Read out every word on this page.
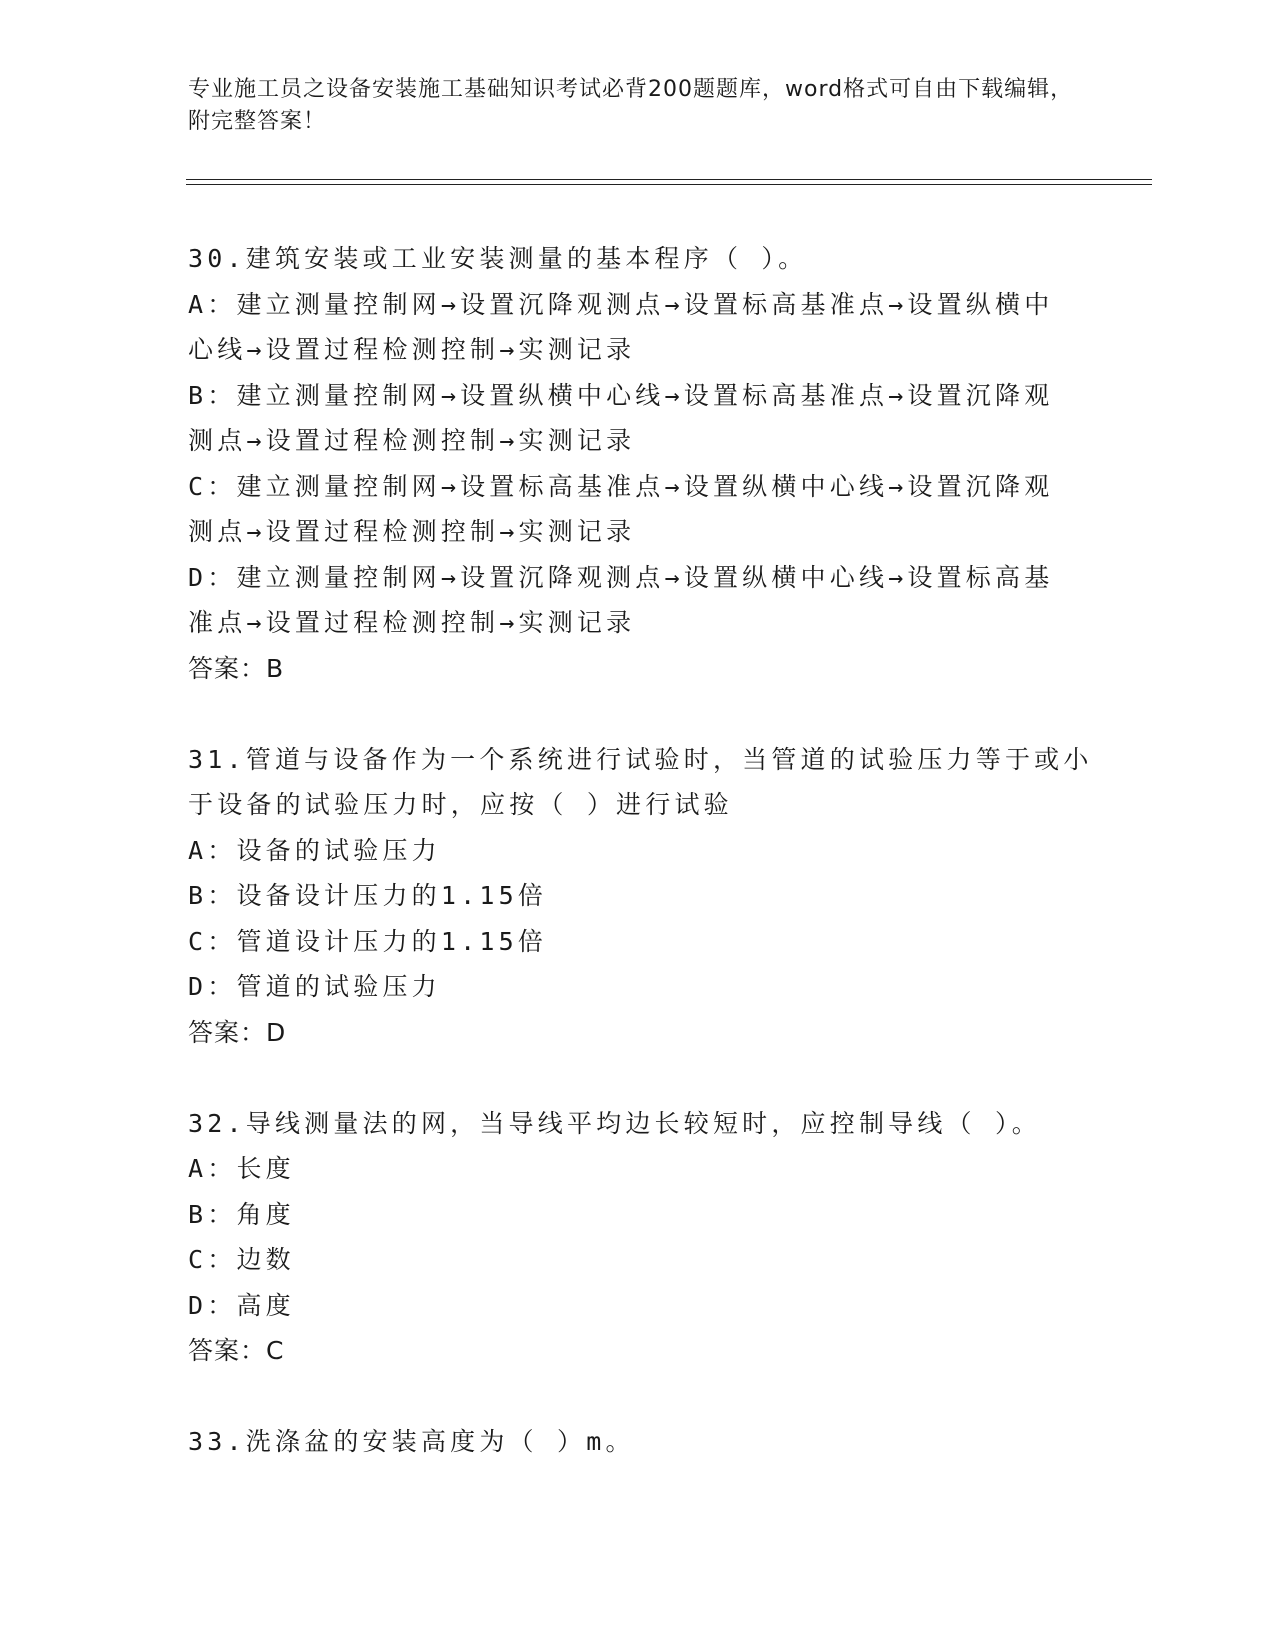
专业施工员之设备安装施工基础知识考试必背200题题库，word格式可自由下载编辑，附完整答案！
30.建筑安装或工业安装测量的基本程序（ ）。
A：建立测量控制网→设置沉降观测点→设置标高基准点→设置纵横中
心线→设置过程检测控制→实测记录
B：建立测量控制网→设置纵横中心线→设置标高基准点→设置沉降观
测点→设置过程检测控制→实测记录
C：建立测量控制网→设置标高基准点→设置纵横中心线→设置沉降观
测点→设置过程检测控制→实测记录
D：建立测量控制网→设置沉降观测点→设置纵横中心线→设置标高基
准点→设置过程检测控制→实测记录
答案：B
31.管道与设备作为一个系统进行试验时，当管道的试验压力等于或小
于设备的试验压力时，应按（ ）进行试验
A：设备的试验压力
B：设备设计压力的1.15倍
C：管道设计压力的1.15倍
D：管道的试验压力
答案：D
32.导线测量法的网，当导线平均边长较短时，应控制导线（ ）。
A：长度
B：角度
C：边数
D：高度
答案：C
33.洗涤盆的安装高度为（ ）m。
